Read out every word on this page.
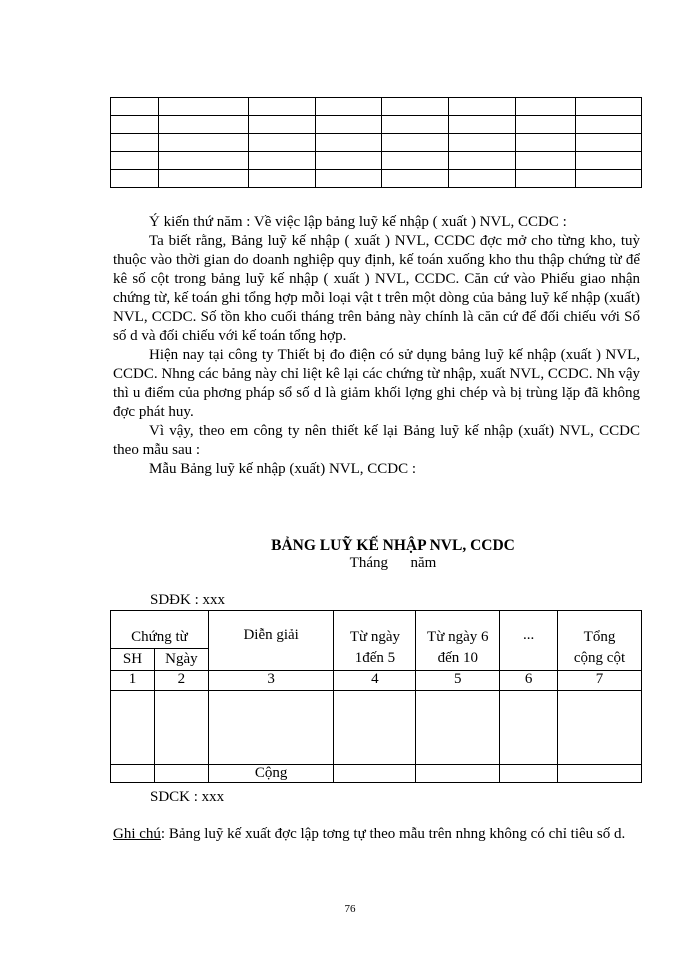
Ý kiến thứ năm : Về việc lập bảng luỹ kế nhập ( xuất ) NVL, CCDC :

Ta biết rằng, Bảng luỹ kế nhập ( xuất ) NVL, CCDC đợc mở cho từng kho, tuỳ thuộc vào thời gian do doanh nghiệp quy định, kế toán xuống kho thu thập chứng từ để kê số cột trong bảng luỹ kế nhập ( xuất ) NVL, CCDC. Căn cứ vào Phiếu giao nhận chứng từ, kế toán ghi tổng hợp mỗi loại vật t trên một dòng của bảng luỹ kế nhập (xuất) NVL, CCDC. Số tồn kho cuối tháng trên bảng này chính là căn cứ để đối chiếu với Sổ số d và đối chiếu với kế toán tổng hợp.

Hiện nay tại công ty Thiết bị đo điện có sử dụng bảng luỹ kế nhập (xuất ) NVL, CCDC. Nhng các bảng này chỉ liệt kê lại các chứng từ nhập, xuất NVL, CCDC. Nh vậy thì u điểm của phơng pháp sổ số d là giảm khối lợng ghi chép và bị trùng lặp đã không đợc phát huy.

Vì vậy, theo em công ty nên thiết kế lại Bảng luỹ kế nhập (xuất) NVL, CCDC theo mẫu sau :

Mẫu Bảng luỹ kế nhập (xuất) NVL, CCDC :

BẢNG LUỸ KẾ NHẬP NVL, CCDC
Tháng      năm
SDĐK : xxx
Chứng từ		Diễn giải	Từ ngày 1đến 5	Từ ngày 6 đến 10	...	Tổng cộng cột
SH	Ngày					
1	2	3	4	5	6	7

		Cộng				
SDCK : xxx
Ghi chú: Bảng luỹ kế xuất đợc lập tơng tự theo mẫu trên nhng không có chỉ tiêu số d.
76
